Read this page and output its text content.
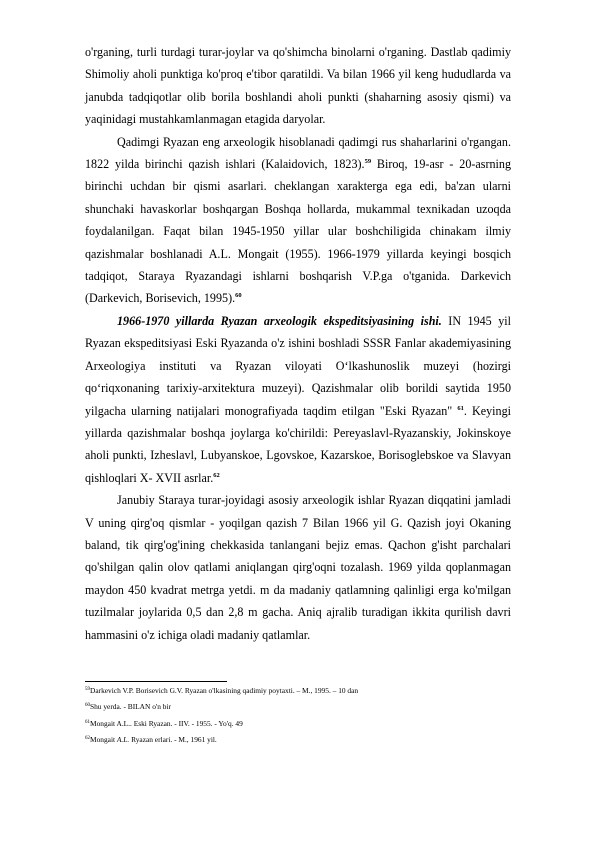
o'rganing, turli turdagi turar-joylar va qo'shimcha binolarni o'rganing. Dastlab qadimiy Shimoliy aholi punktiga ko'proq e'tibor qaratildi. Va bilan 1966 yil keng hududlarda va janubda tadqiqotlar olib borila boshlandi aholi punkti (shaharning asosiy qismi) va yaqinidagi mustahkamlanmagan etagida daryolar.

Qadimgi Ryazan eng arxeologik hisoblanadi qadimgi rus shaharlarini o'rgangan. 1822 yilda birinchi qazish ishlari (Kalaidovich, 1823).$^{59}$ Biroq, 19-asr - 20-asrning birinchi uchdan bir qismi asarlari. cheklangan xarakterga ega edi, ba'zan ularni shunchaki havaskorlar boshqargan Boshqa hollarda, mukammal texnikadan uzoqda foydalanilgan. Faqat bilan 1945-1950 yillar ular boshchiligida chinakam ilmiy qazishmalar boshlanadi A.L. Mongait (1955). 1966-1979 yillarda keyingi bosqich tadqiqot, Staraya Ryazandagi ishlarni boshqarish V.P.ga o'tganida. Darkevich (Darkevich, Borisevich, 1995).$^{60}$

1966-1970 yillarda Ryazan arxeologik ekspeditsiyasining ishi. IN 1945 yil Ryazan ekspeditsiyasi Eski Ryazanda o'z ishini boshladi SSSR Fanlar akademiyasining Arxeologiya instituti va Ryazan viloyati O‘lkashunoslik muzeyi (hozirgi qo‘riqxonaning tarixiy-arxitektura muzeyi). Qazishmalar olib borildi saytida 1950 yilgacha ularning natijalari monografiyada taqdim etilgan "Eski Ryazan" $^{61}$. Keyingi yillarda qazishmalar boshqa joylarga ko'chirildi: Pereyaslavl-Ryazanskiy, Jokinskoye aholi punkti, Izheslavl, Lubyanskoe, Lgovskoe, Kazarskoe, Borisoglebskoe va Slavyan qishloqlari X- XVII asrlar.$^{62}$

Janubiy Staraya turar-joyidagi asosiy arxeologik ishlar Ryazan diqqatini jamladi V uning qirg'oq qismlar - yoqilgan qazish 7 Bilan 1966 yil G. Qazish joyi Okaning baland, tik qirg'og'ining chekkasida tanlangani bejiz emas. Qachon g'isht parchalari qo'shilgan qalin olov qatlami aniqlangan qirg'oqni tozalash. 1969 yilda qoplanmagan maydon 450 kvadrat metrga yetdi. m da madaniy qatlamning qalinligi erga ko'milgan tuzilmalar joylarida 0,5 dan 2,8 m gacha. Aniq ajralib turadigan ikkita qurilish davri hammasini o'z ichiga oladi madaniy qatlamlar.

$^{59}$Darkevich V.P. Borisevich G.V. Ryazan o'lkasining qadimiy poytaxti. – M., 1995. – 10 dan
$^{60}$Shu yerda. - BILAN o'n bir
$^{61}$Mongait A.L.. Eski Ryazan. - IIV. - 1955. - Yo'q. 49
$^{62}$Mongait A.L. Ryazan erlari. - M., 1961 yil.
